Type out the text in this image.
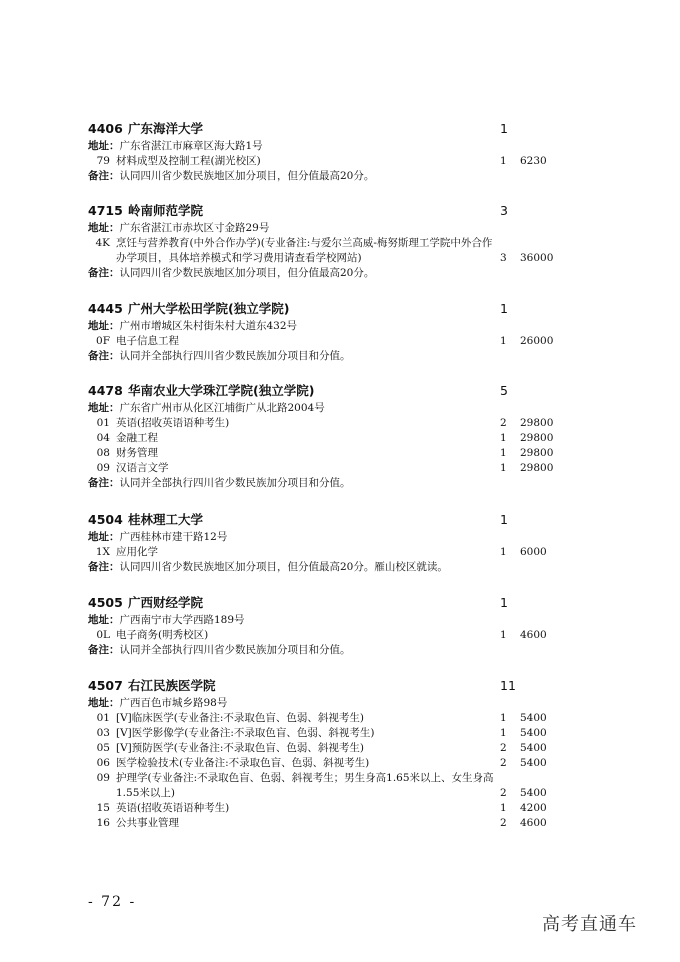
4406 广东海洋大学	1
地址：广东省湛江市麻章区海大路1号
79 材料成型及控制工程(湖光校区)	1 6230
备注：认同四川省少数民族地区加分项目，但分值最高20分。
4715 岭南师范学院	3
地址：广东省湛江市赤坎区寸金路29号
4K 烹饪与营养教育(中外合作办学)(专业备注:与爱尔兰高威-梅努斯理工学院中外合作办学项目，具体培养模式和学习费用请查看学校网站)	3 36000
备注：认同四川省少数民族地区加分项目，但分值最高20分。
4445 广州大学松田学院(独立学院)	1
地址：广州市增城区朱村街朱村大道东432号
0F 电子信息工程	1 26000
备注：认同并全部执行四川省少数民族加分项目和分值。
4478 华南农业大学珠江学院(独立学院)	5
地址：广东省广州市从化区江埔街广从北路2004号
01 英语(招收英语语种考生)	2 29800
04 金融工程	1 29800
08 财务管理	1 29800
09 汉语言文学	1 29800
备注：认同并全部执行四川省少数民族加分项目和分值。
4504 桂林理工大学	1
地址：广西桂林市建干路12号
1X 应用化学	1 6000
备注：认同四川省少数民族地区加分项目，但分值最高20分。雁山校区就读。
4505 广西财经学院	1
地址：广西南宁市大学西路189号
0L 电子商务(明秀校区)	1 4600
备注：认同并全部执行四川省少数民族加分项目和分值。
4507 右江民族医学院	11
地址：广西百色市城乡路98号
01 [V]临床医学(专业备注:不录取色盲、色弱、斜视考生)	1 5400
03 [V]医学影像学(专业备注:不录取色盲、色弱、斜视考生)	1 5400
05 [V]预防医学(专业备注:不录取色盲、色弱、斜视考生)	2 5400
06 医学检验技术(专业备注:不录取色盲、色弱、斜视考生)	2 5400
09 护理学(专业备注:不录取色盲、色弱、斜视考生；男生身高1.65米以上、女生身高1.55米以上)	2 5400
15 英语(招收英语语种考生)	1 4200
16 公共事业管理	2 4600
- 72 -
高考直通车
